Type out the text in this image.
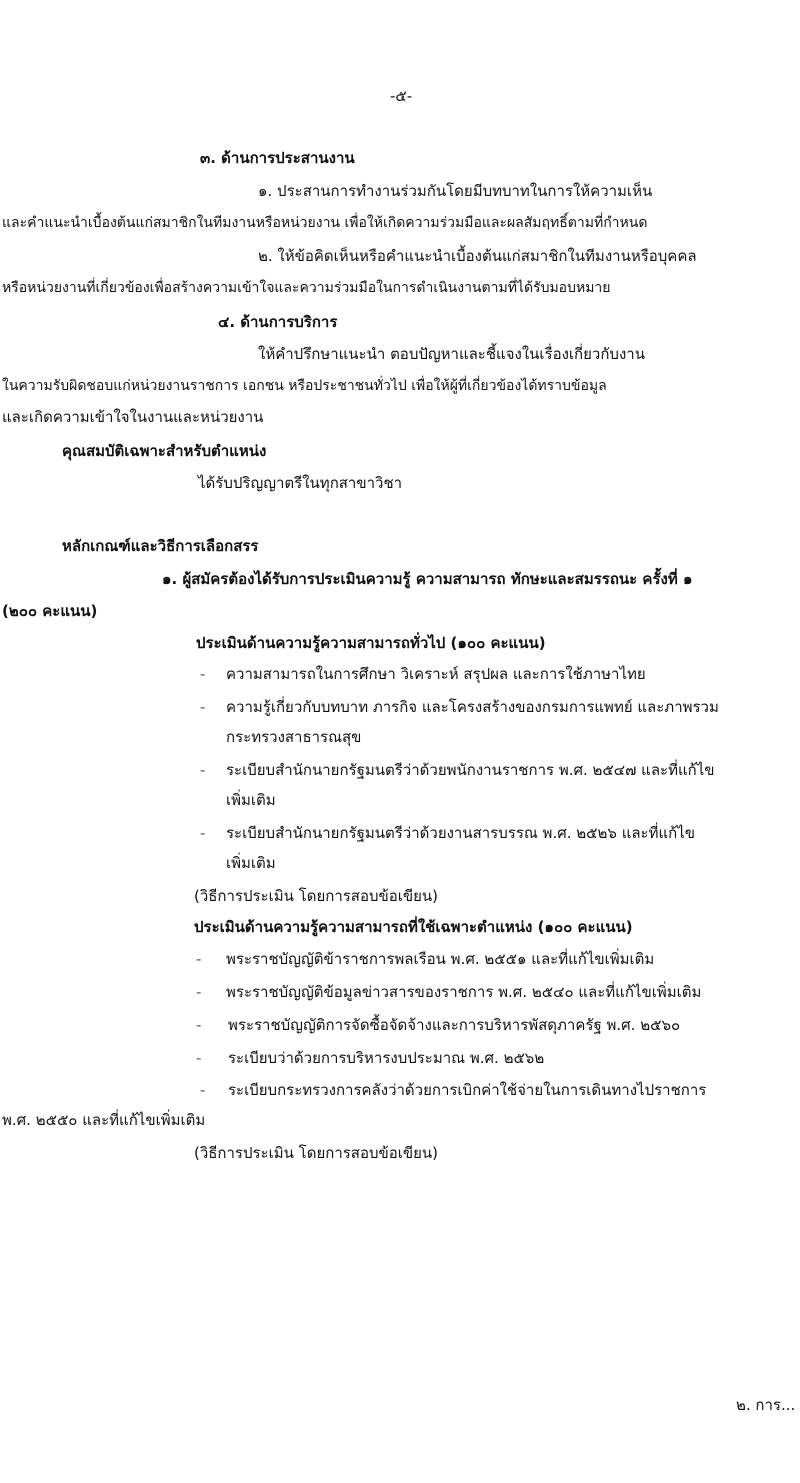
-๕-
๓. ด้านการประสานงาน
๑. ประสานการทำงานร่วมกันโดยมีบทบาทในการให้ความเห็น
และคำแนะนำเบื้องต้นแก่สมาชิกในทีมงานหรือหน่วยงาน เพื่อให้เกิดความร่วมมือและผลสัมฤทธิ์ตามที่กำหนด
๒. ให้ข้อคิดเห็นหรือคำแนะนำเบื้องต้นแก่สมาชิกในทีมงานหรือบุคคล
หรือหน่วยงานที่เกี่ยวข้องเพื่อสร้างความเข้าใจและความร่วมมือในการดำเนินงานตามที่ได้รับมอบหมาย
๔. ด้านการบริการ
ให้คำปรึกษาแนะนำ ตอบปัญหาและชี้แจงในเรื่องเกี่ยวกับงาน
ในความรับผิดชอบแก่หน่วยงานราชการ เอกชน หรือประชาชนทั่วไป เพื่อให้ผู้ที่เกี่ยวข้องได้ทราบข้อมูล
และเกิดความเข้าใจในงานและหน่วยงาน
คุณสมบัติเฉพาะสำหรับตำแหน่ง
ได้รับปริญญาตรีในทุกสาขาวิชา
หลักเกณฑ์และวิธีการเลือกสรร
๑. ผู้สมัครต้องได้รับการประเมินความรู้ ความสามารถ ทักษะและสมรรถนะ ครั้งที่ ๑
(๒๐๐ คะแนน)
ประเมินด้านความรู้ความสามารถทั่วไป (๑๐๐ คะแนน)
- ความสามารถในการศึกษา วิเคราะห์ สรุปผล และการใช้ภาษาไทย
- ความรู้เกี่ยวกับบทบาท ภารกิจ และโครงสร้างของกรมการแพทย์ และภาพรวม
กระทรวงสาธารณสุข
- ระเบียบสำนักนายกรัฐมนตรีว่าด้วยพนักงานราชการ พ.ศ. ๒๕๔๗ และที่แก้ไข
เพิ่มเติม
- ระเบียบสำนักนายกรัฐมนตรีว่าด้วยงานสารบรรณ พ.ศ. ๒๕๒๖ และที่แก้ไข
เพิ่มเติม
(วิธีการประเมิน โดยการสอบข้อเขียน)
ประเมินด้านความรู้ความสามารถที่ใช้เฉพาะตำแหน่ง (๑๐๐ คะแนน)
- พระราชบัญญัติข้าราชการพลเรือน พ.ศ. ๒๕๕๑ และที่แก้ไขเพิ่มเติม
- พระราชบัญญัติข้อมูลข่าวสารของราชการ พ.ศ. ๒๕๔๐ และที่แก้ไขเพิ่มเติม
- พระราชบัญญัติการจัดซื้อจัดจ้างและการบริหารพัสดุภาครัฐ พ.ศ. ๒๕๖๐
- ระเบียบว่าด้วยการบริหารงบประมาณ พ.ศ. ๒๕๖๒
- ระเบียบกระทรวงการคลังว่าด้วยการเบิกค่าใช้จ่ายในการเดินทางไปราชการ
พ.ศ. ๒๕๕๐ และที่แก้ไขเพิ่มเติม
(วิธีการประเมิน โดยการสอบข้อเขียน)
๒. การ...
